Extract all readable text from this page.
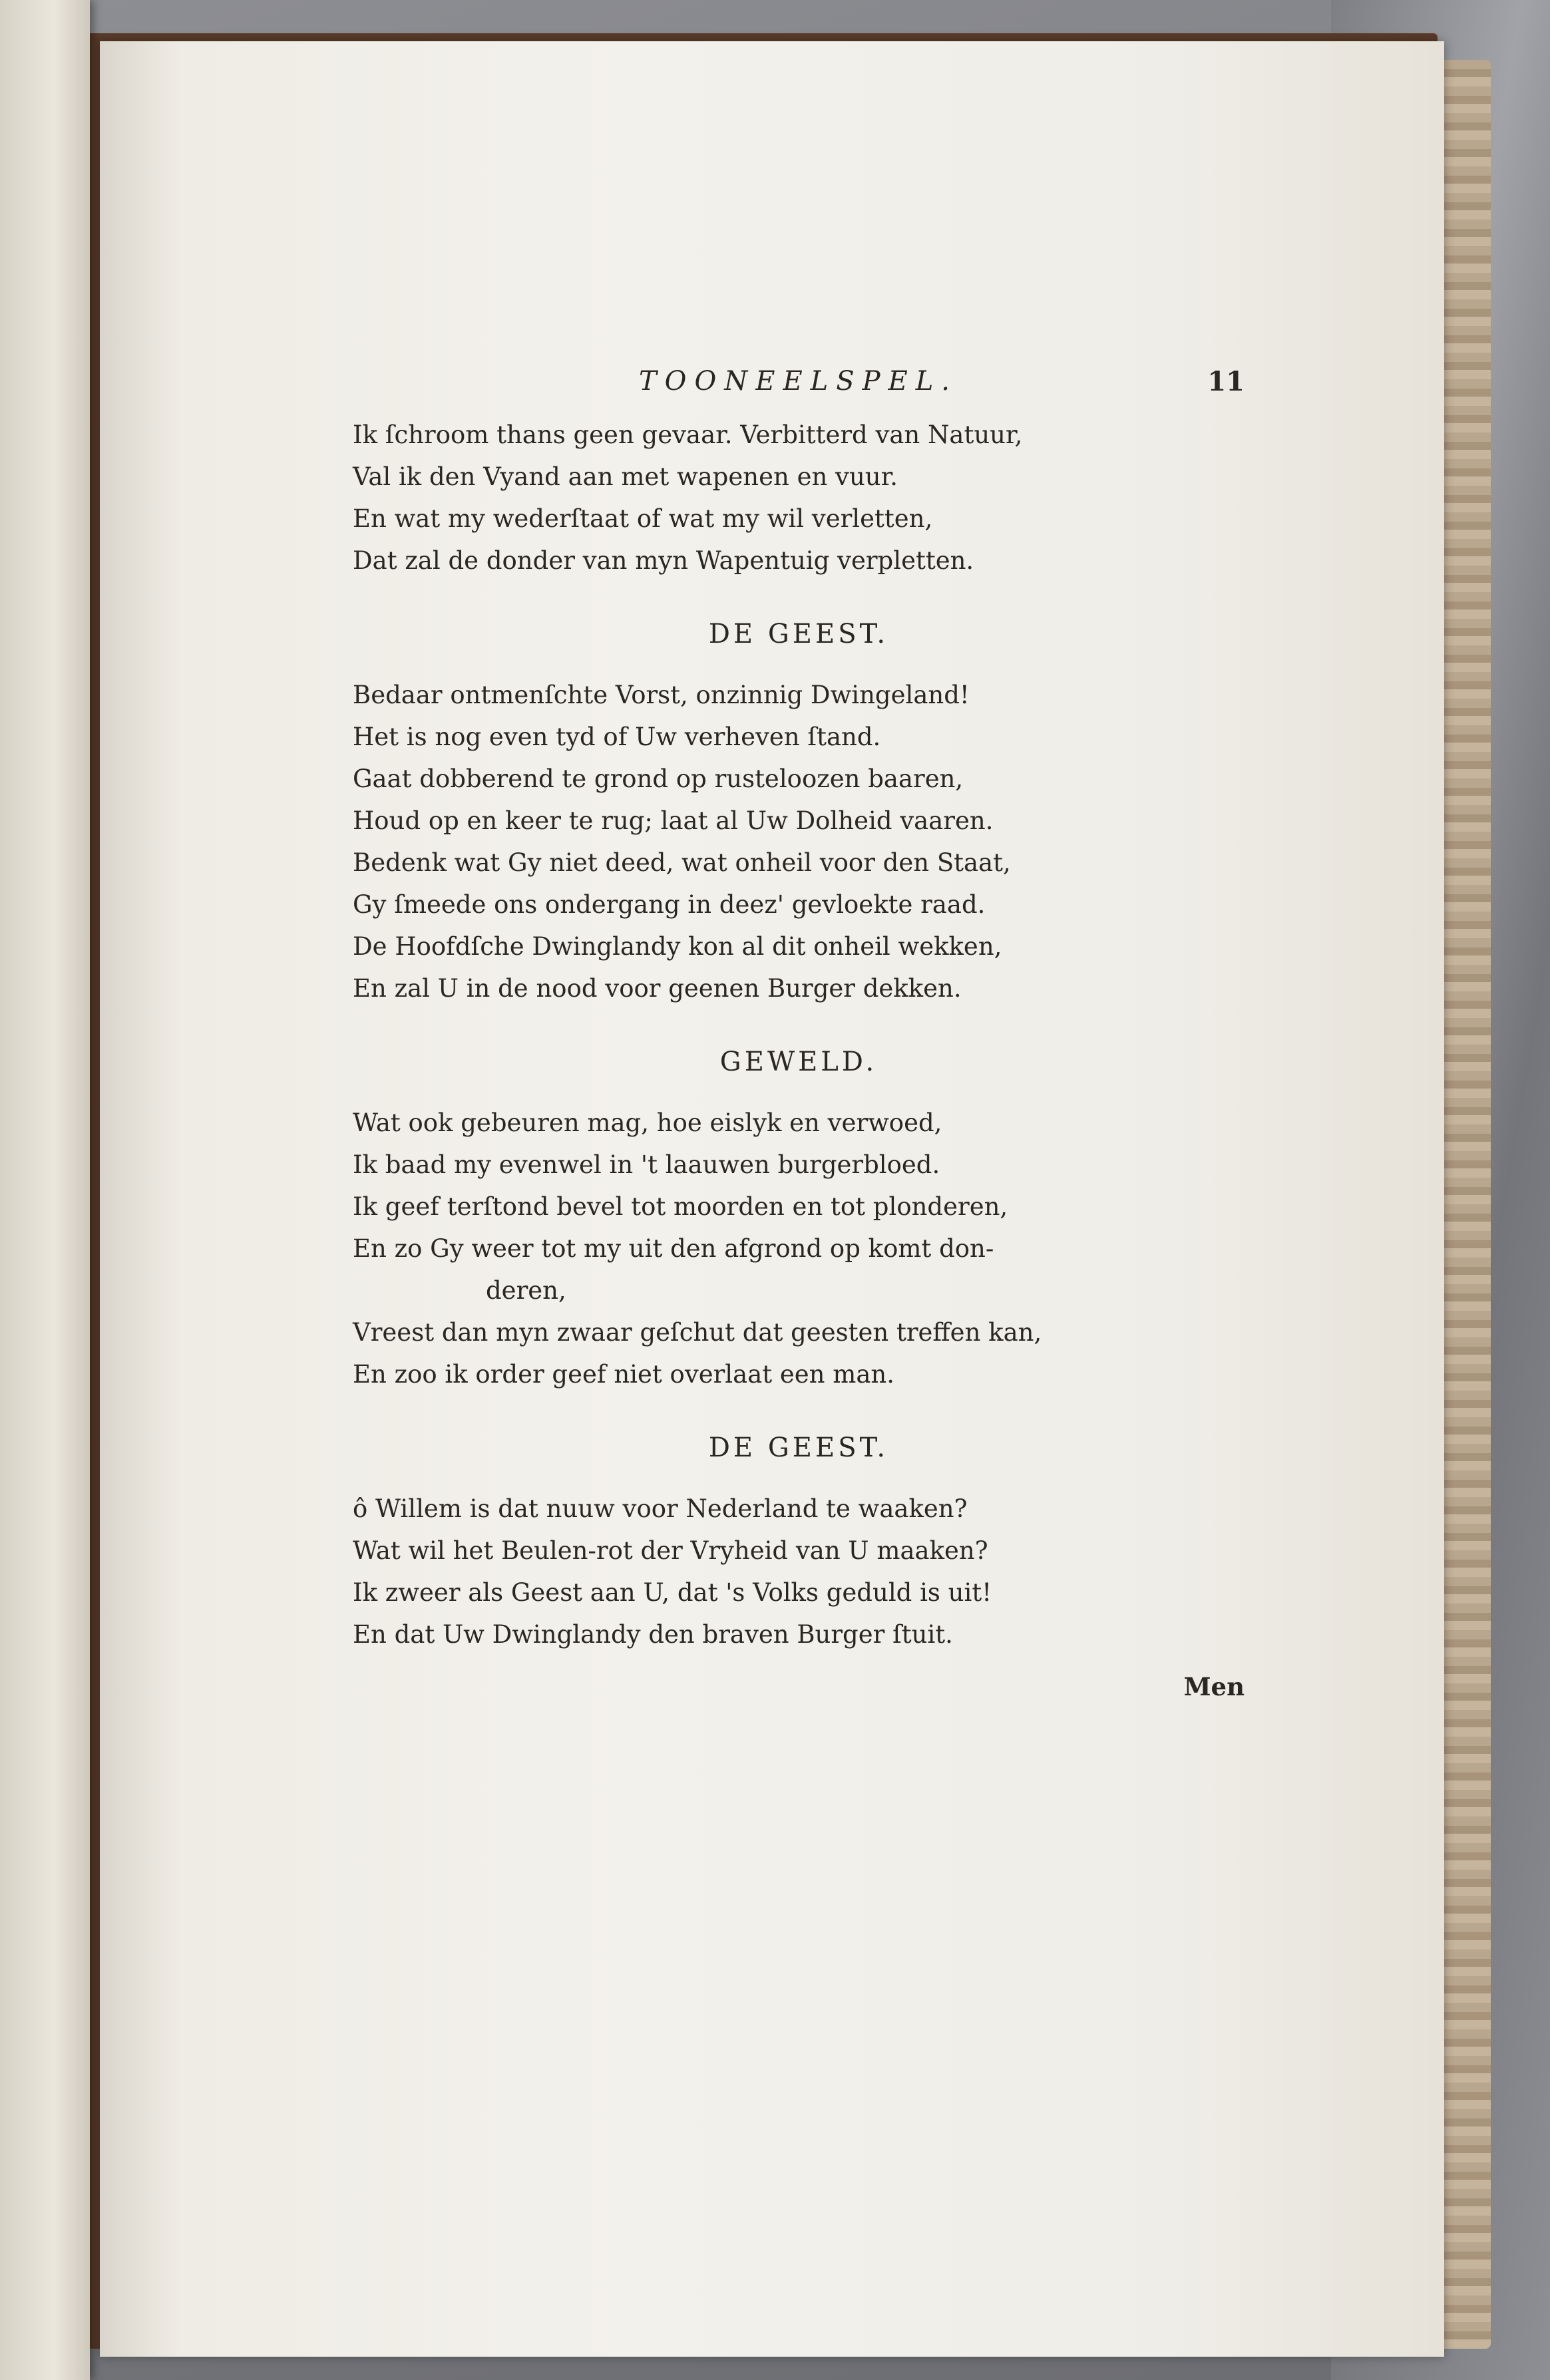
TOONEELSPEL.	11
Ik ſchroom thans geen gevaar. Verbitterd van Natuur,
Val ik den Vyand aan met wapenen en vuur.
En wat my wederſtaat of wat my wil verletten,
Dat zal de donder van myn Wapentuig verpletten.
DE GEEST.
Bedaar ontmenſchte Vorst, onzinnig Dwingeland!
Het is nog even tyd of Uw verheven ſtand.
Gaat dobberend te grond op rusteloozen baaren,
Houd op en keer te rug; laat al Uw Dolheid vaaren.
Bedenk wat Gy niet deed, wat onheil voor den Staat,
Gy ſmeede ons ondergang in deez' gevloekte raad.
De Hoofdſche Dwinglandy kon al dit onheil wekken,
En zal U in de nood voor geenen Burger dekken.
GEWELD.
Wat ook gebeuren mag, hoe eislyk en verwoed,
Ik baad my evenwel in 't laauwen burgerbloed.
Ik geef terſtond bevel tot moorden en tot plonderen,
En zo Gy weer tot my uit den afgrond op komt don-
deren,
Vreest dan myn zwaar geſchut dat geesten treffen kan,
En zoo ik order geef niet overlaat een man.
DE GEEST.
ô Willem is dat nuuw voor Nederland te waaken?
Wat wil het Beulen-rot der Vryheid van U maaken?
Ik zweer als Geest aan U, dat 's Volks geduld is uit!
En dat Uw Dwinglandy den braven Burger ſtuit.
Men
